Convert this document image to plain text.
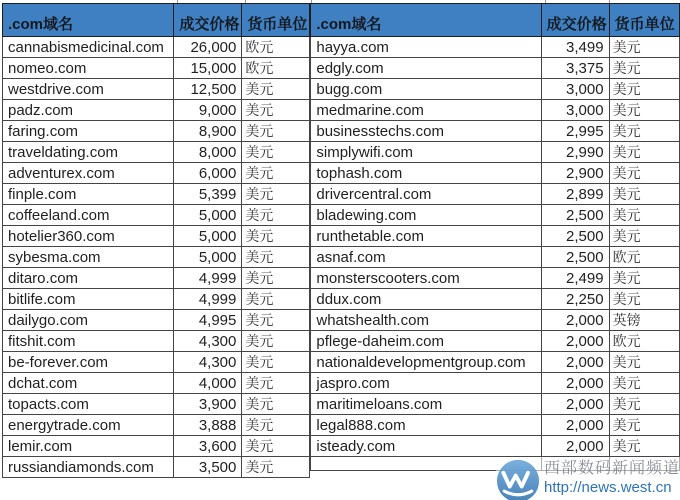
.com域名	成交价格	货币单位
cannabismedicinal.com	26,000	欧元
nomeo.com	15,000	欧元
westdrive.com	12,500	美元
padz.com	9,000	美元
faring.com	8,900	美元
traveldating.com	8,000	美元
adventurex.com	6,000	美元
finple.com	5,399	美元
coffeeland.com	5,000	美元
hotelier360.com	5,000	美元
sybesma.com	5,000	美元
ditaro.com	4,999	美元
bitlife.com	4,999	美元
dailygo.com	4,995	美元
fitshit.com	4,300	美元
be-forever.com	4,300	美元
dchat.com	4,000	美元
topacts.com	3,900	美元
energytrade.com	3,888	美元
lemir.com	3,600	美元
russiandiamonds.com	3,500	美元
.com域名	成交价格	货币单位
hayya.com	3,499	美元
edgly.com	3,375	美元
bugg.com	3,000	美元
medmarine.com	3,000	美元
businesstechs.com	2,995	美元
simplywifi.com	2,990	美元
tophash.com	2,900	美元
drivercentral.com	2,899	美元
bladewing.com	2,500	美元
runthetable.com	2,500	美元
asnaf.com	2,500	欧元
monsterscooters.com	2,499	美元
ddux.com	2,250	美元
whatshealth.com	2,000	英镑
pflege-daheim.com	2,000	欧元
nationaldevelopmentgroup.com	2,000	美元
jaspro.com	2,000	美元
maritimeloans.com	2,000	美元
legal888.com	2,000	美元
isteady.com	2,000	美元

西部数码新闻频道
http://news.west.cn
